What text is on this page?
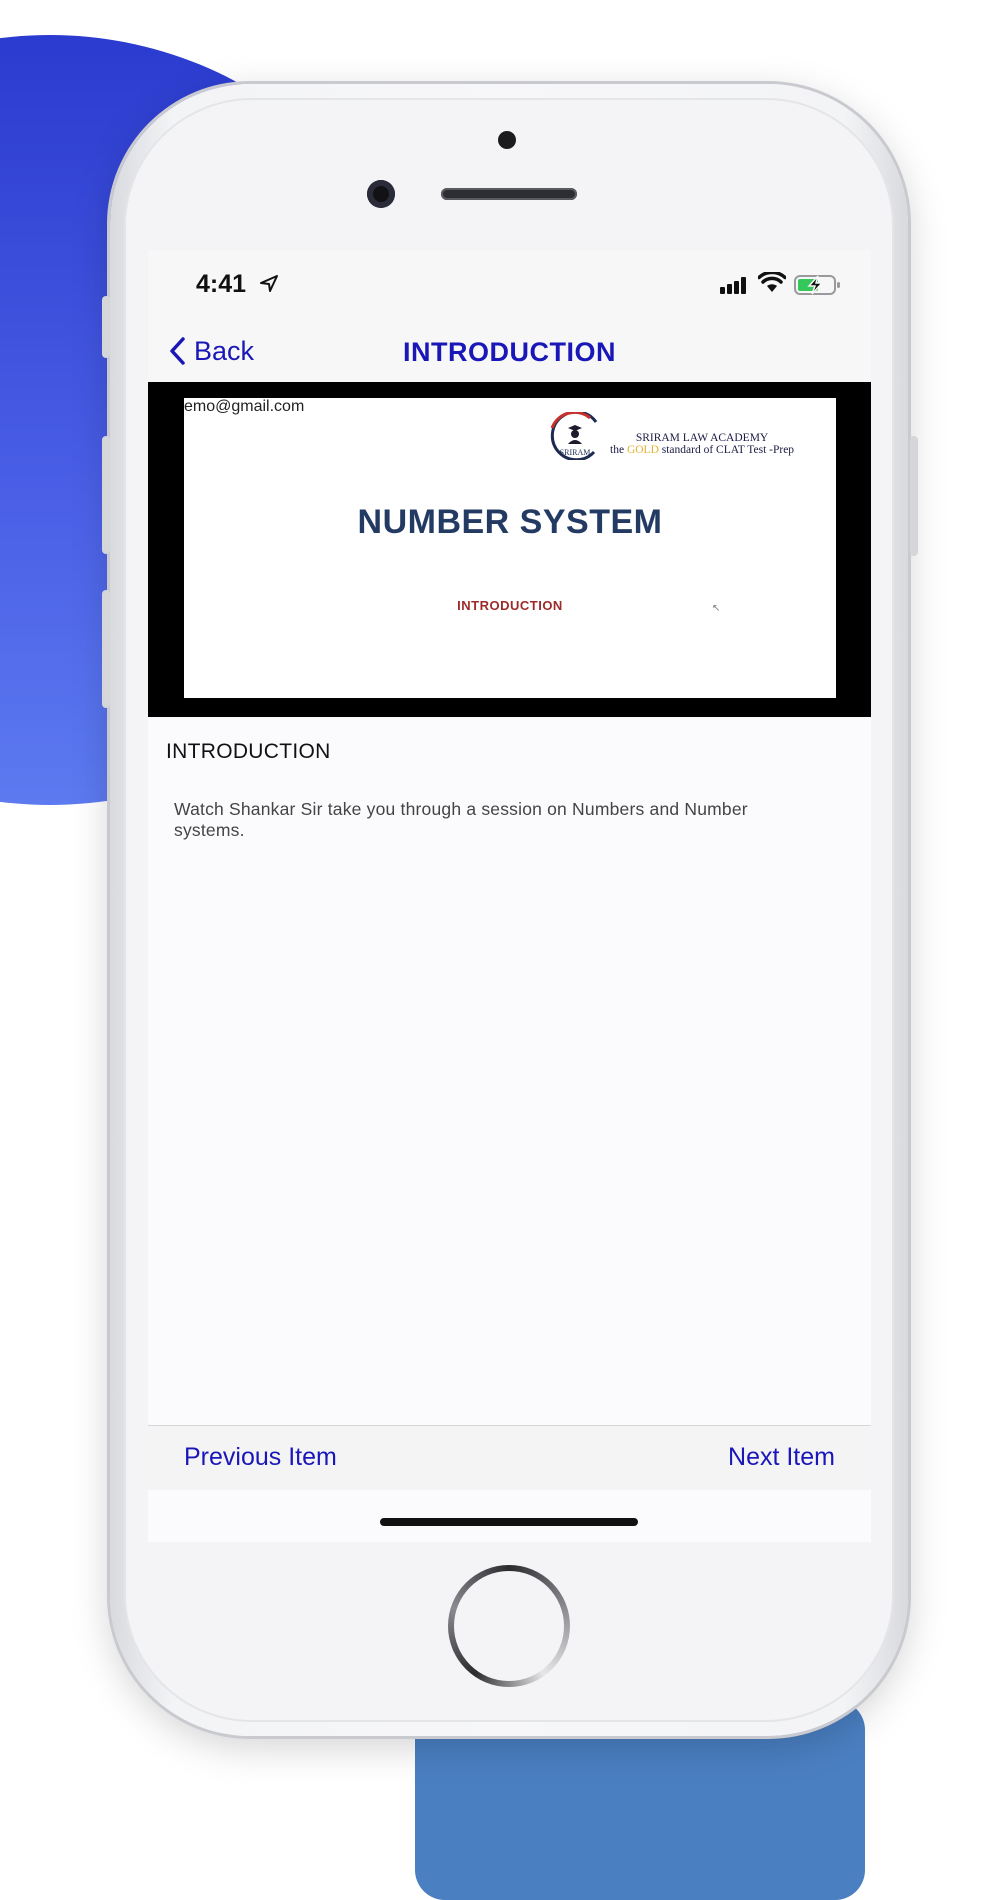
4:41
Back	INTRODUCTION
emo@gmail.com
SRIRAM
SRIRAM LAW ACADEMY
the GOLD standard of CLAT Test -Prep
NUMBER SYSTEM
INTRODUCTION	↖
INTRODUCTION
Watch Shankar Sir take you through a session on Numbers and Number systems.
Previous Item	Next Item
